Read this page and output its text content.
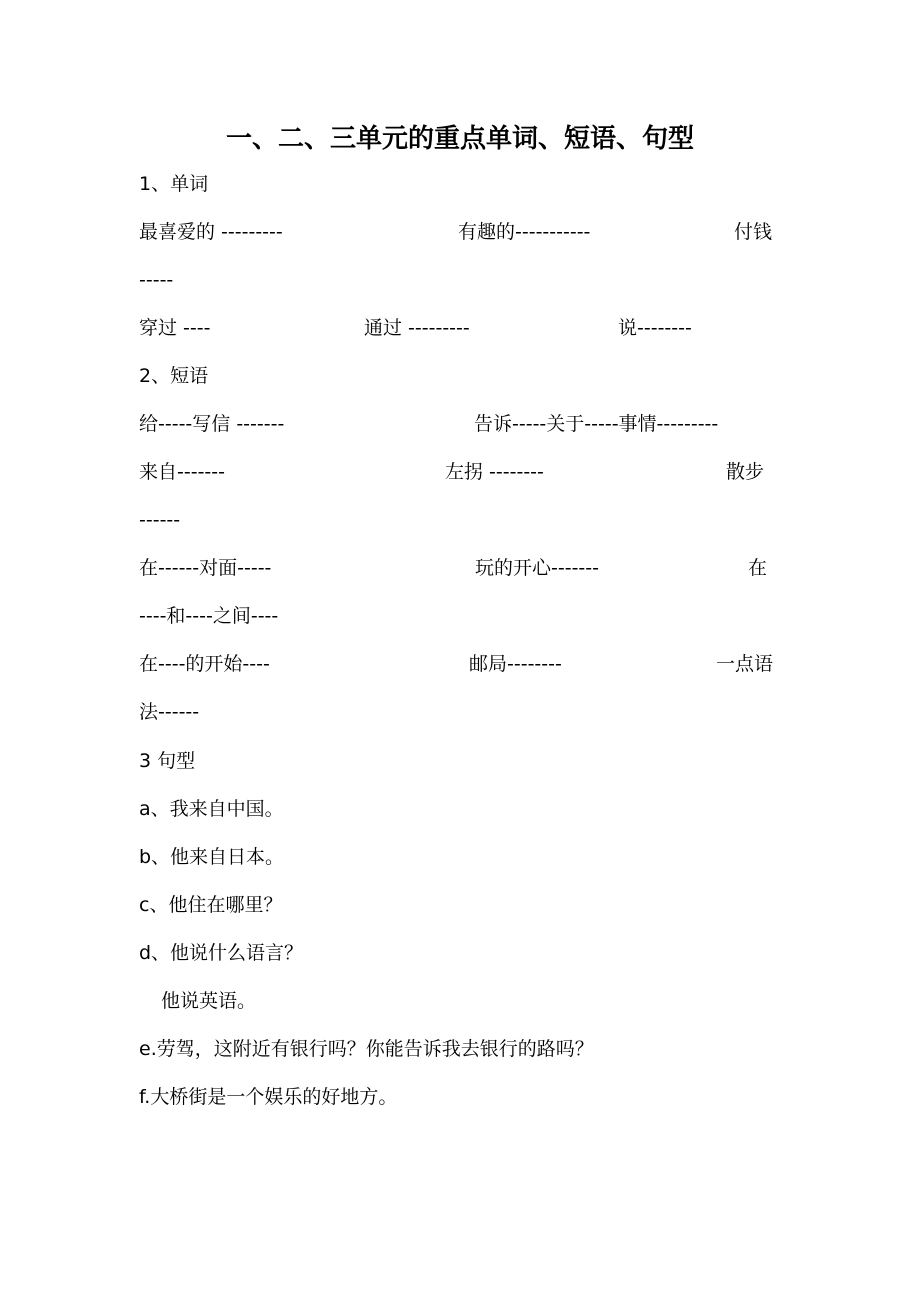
一、二、三单元的重点单词、短语、句型
1、单词
最喜爱的 ---------	有趣的-----------	付钱
-----
穿过 ----	通过 ---------	说--------
2、短语
给-----写信 -------	告诉-----关于-----事情---------
来自-------	左拐 --------	散步
------
在------对面-----	玩的开心-------	在
----和----之间----
在----的开始----	邮局--------	一点语
法------
3 句型
a、我来自中国。
b、他来自日本。
c、他住在哪里？
d、他说什么语言？
他说英语。
e.劳驾，这附近有银行吗？你能告诉我去银行的路吗？
f.大桥街是一个娱乐的好地方。
